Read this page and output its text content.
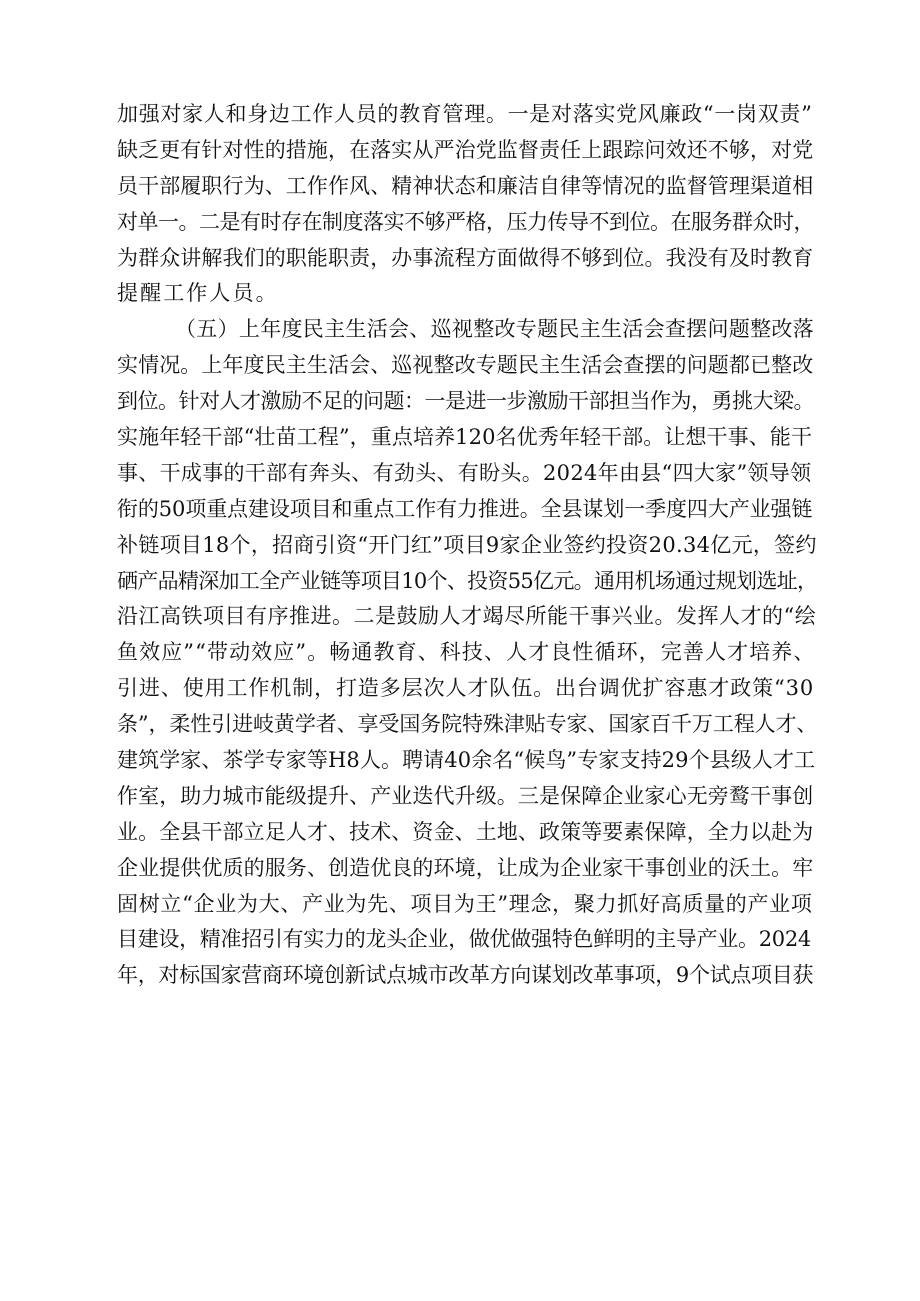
加强对家人和身边工作人员的教育管理。一是对落实党风廉政“一岗双责”
缺乏更有针对性的措施，在落实从严治党监督责任上跟踪问效还不够，对党
员干部履职行为、工作作风、精神状态和廉洁自律等情况的监督管理渠道相
对单一。二是有时存在制度落实不够严格，压力传导不到位。在服务群众时，
为群众讲解我们的职能职责，办事流程方面做得不够到位。我没有及时教育
提醒工作人员。
（五）上年度民主生活会、巡视整改专题民主生活会查摆问题整改落
实情况。上年度民主生活会、巡视整改专题民主生活会查摆的问题都已整改
到位。针对人才激励不足的问题：一是进一步激励干部担当作为，勇挑大梁。
实施年轻干部“壮苗工程”，重点培养120名优秀年轻干部。让想干事、能干
事、干成事的干部有奔头、有劲头、有盼头。2024年由县“四大家”领导领
衔的50项重点建设项目和重点工作有力推进。全县谋划一季度四大产业强链
补链项目18个，招商引资“开门红”项目9家企业签约投资20.34亿元，签约
硒产品精深加工全产业链等项目10个、投资55亿元。通用机场通过规划选址，
沿江高铁项目有序推进。二是鼓励人才竭尽所能干事兴业。发挥人才的“绘
鱼效应”“带动效应”。畅通教育、科技、人才良性循环，完善人才培养、
引进、使用工作机制，打造多层次人才队伍。出台调优扩容惠才政策“30
条”，柔性引进岐黄学者、享受国务院特殊津贴专家、国家百千万工程人才、
建筑学家、茶学专家等H8人。聘请40余名“候鸟”专家支持29个县级人才工
作室，助力城市能级提升、产业迭代升级。三是保障企业家心无旁鹜干事创
业。全县干部立足人才、技术、资金、土地、政策等要素保障，全力以赴为
企业提供优质的服务、创造优良的环境，让成为企业家干事创业的沃土。牢
固树立“企业为大、产业为先、项目为王”理念，聚力抓好高质量的产业项
目建设，精准招引有实力的龙头企业，做优做强特色鲜明的主导产业。2024
年，对标国家营商环境创新试点城市改革方向谋划改革事项，9个试点项目获
